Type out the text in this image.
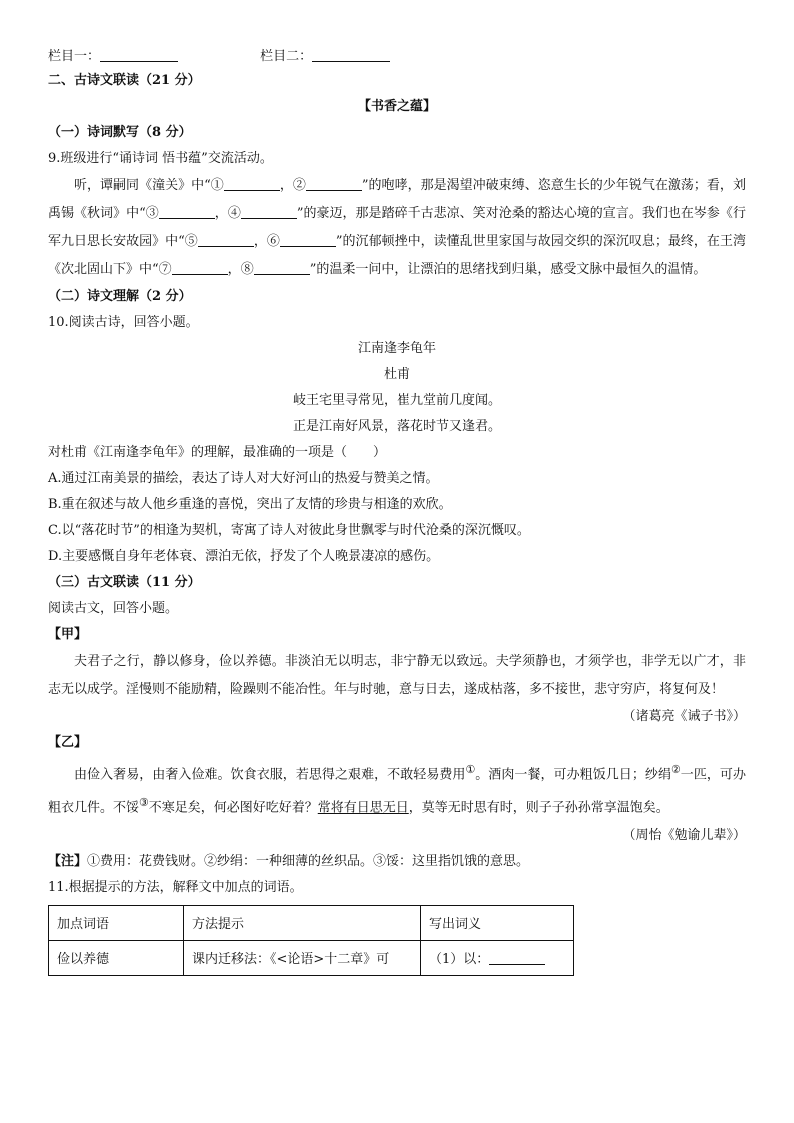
栏目一：	栏目二：
二、古诗文联读（21 分）
【书香之蕴】
（一）诗词默写（8 分）
9.班级进行“诵诗词 悟书蕴”交流活动。
听，谭嗣同《潼关》中“①	，②	”的咆哮，那是渴望冲破束缚、恣意生长的少年锐气在激荡；看，刘禹锡《秋词》中“③	，④	”的豪迈，那是踏碎千古悲凉、笑对沧桑的豁达心境的宣言。我们也在岑参《行军九日思长安故园》中“⑤	，⑥	”的沉郁顿挫中，读懂乱世里家国与故园交织的深沉叹息；最终，在王湾《次北固山下》中“⑦	，⑧	”的温柔一问中，让漂泊的思绪找到归巢，感受文脉中最恒久的温情。
（二）诗文理解（2 分）
10.阅读古诗，回答小题。
江南逢李龟年
杜甫
岐王宅里寻常见，崔九堂前几度闻。
正是江南好风景，落花时节又逢君。
对杜甫《江南逢李龟年》的理解，最准确的一项是（　　）
A.通过江南美景的描绘，表达了诗人对大好河山的热爱与赞美之情。
B.重在叙述与故人他乡重逢的喜悦，突出了友情的珍贵与相逢的欢欣。
C.以“落花时节”的相逢为契机，寄寓了诗人对彼此身世飘零与时代沧桑的深沉慨叹。
D.主要感慨自身年老体衰、漂泊无依，抒发了个人晚景凄凉的感伤。
（三）古文联读（11 分）
阅读古文，回答小题。
【甲】
夫君子之行，静以修身，俭以养德。非淡泊无以明志，非宁静无以致远。夫学须静也，才须学也，非学无以广才，非志无以成学。淫慢则不能励精，险躁则不能冶性。年与时驰，意与日去，遂成枯落，多不接世，悲守穷庐，将复何及！
（诸葛亮《诫子书》）
【乙】
由俭入奢易，由奢入俭难。饮食衣服，若思得之艰难，不敢轻易费用①。酒肉一餐，可办粗饭几日；纱绢②一匹，可办粗衣几件。不馁③不寒足矣，何必图好吃好着？常将有日思无日，莫等无时思有时，则子子孙孙常享温饱矣。
（周怡《勉谕儿辈》）
【注】①费用：花费钱财。②纱绢：一种细薄的丝织品。③馁：这里指饥饿的意思。
11.根据提示的方法，解释文中加点的词语。
加点词语	方法提示	写出词义
俭以养德	课内迁移法：《<论语>十二章》可	（1）以：
